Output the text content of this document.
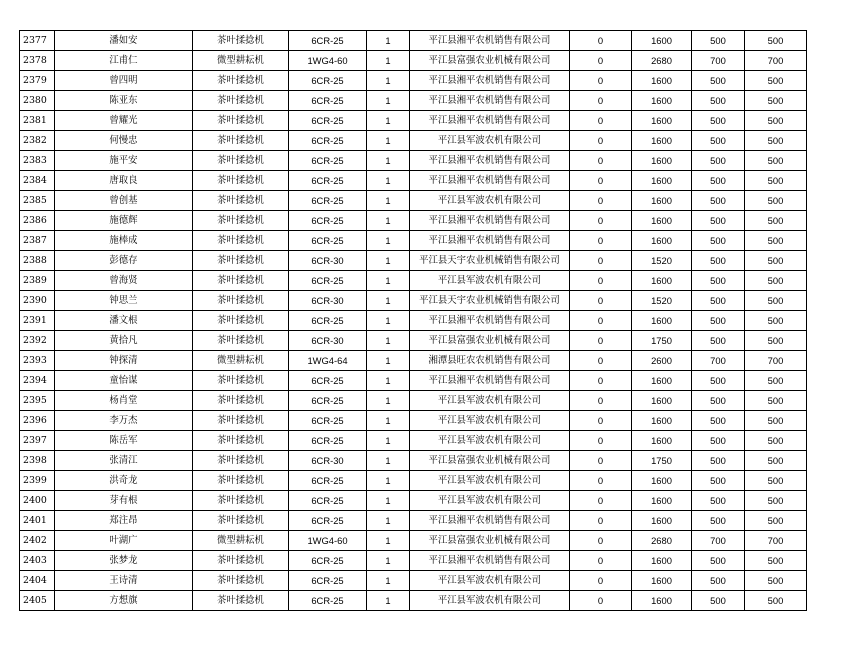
2377	潘如安	茶叶揉捻机	6CR-25	1	平江县湘平农机销售有限公司	0	1600	500	500
2378	江甫仁	微型耕耘机	1WG4-60	1	平江县富强农业机械有限公司	0	2680	700	700
2379	曾四明	茶叶揉捻机	6CR-25	1	平江县湘平农机销售有限公司	0	1600	500	500
2380	陈亚东	茶叶揉捻机	6CR-25	1	平江县湘平农机销售有限公司	0	1600	500	500
2381	曾耀光	茶叶揉捻机	6CR-25	1	平江县湘平农机销售有限公司	0	1600	500	500
2382	何慢忠	茶叶揉捻机	6CR-25	1	平江县军波农机有限公司	0	1600	500	500
2383	施平安	茶叶揉捻机	6CR-25	1	平江县湘平农机销售有限公司	0	1600	500	500
2384	唐取良	茶叶揉捻机	6CR-25	1	平江县湘平农机销售有限公司	0	1600	500	500
2385	曾创基	茶叶揉捻机	6CR-25	1	平江县军波农机有限公司	0	1600	500	500
2386	施德辉	茶叶揉捻机	6CR-25	1	平江县湘平农机销售有限公司	0	1600	500	500
2387	施棒成	茶叶揉捻机	6CR-25	1	平江县湘平农机销售有限公司	0	1600	500	500
2388	彭德存	茶叶揉捻机	6CR-30	1	平江县天宇农业机械销售有限公司	0	1520	500	500
2389	曾海贤	茶叶揉捻机	6CR-25	1	平江县军波农机有限公司	0	1600	500	500
2390	钟思兰	茶叶揉捻机	6CR-30	1	平江县天宇农业机械销售有限公司	0	1520	500	500
2391	潘文根	茶叶揉捻机	6CR-25	1	平江县湘平农机销售有限公司	0	1600	500	500
2392	黄拾凡	茶叶揉捻机	6CR-30	1	平江县富强农业机械有限公司	0	1750	500	500
2393	钟探清	微型耕耘机	1WG4-64	1	湘潭县旺农农机销售有限公司	0	2600	700	700
2394	童怡谋	茶叶揉捻机	6CR-25	1	平江县湘平农机销售有限公司	0	1600	500	500
2395	杨肖堂	茶叶揉捻机	6CR-25	1	平江县军波农机有限公司	0	1600	500	500
2396	李万杰	茶叶揉捻机	6CR-25	1	平江县军波农机有限公司	0	1600	500	500
2397	陈岳军	茶叶揉捻机	6CR-25	1	平江县军波农机有限公司	0	1600	500	500
2398	张清江	茶叶揉捻机	6CR-30	1	平江县富强农业机械有限公司	0	1750	500	500
2399	洪奇龙	茶叶揉捻机	6CR-25	1	平江县军波农机有限公司	0	1600	500	500
2400	芽有根	茶叶揉捻机	6CR-25	1	平江县军波农机有限公司	0	1600	500	500
2401	郑注昂	茶叶揉捻机	6CR-25	1	平江县湘平农机销售有限公司	0	1600	500	500
2402	叶湖广	微型耕耘机	1WG4-60	1	平江县富强农业机械有限公司	0	2680	700	700
2403	张梦龙	茶叶揉捻机	6CR-25	1	平江县湘平农机销售有限公司	0	1600	500	500
2404	王诗清	茶叶揉捻机	6CR-25	1	平江县军波农机有限公司	0	1600	500	500
2405	方想旗	茶叶揉捻机	6CR-25	1	平江县军波农机有限公司	0	1600	500	500
